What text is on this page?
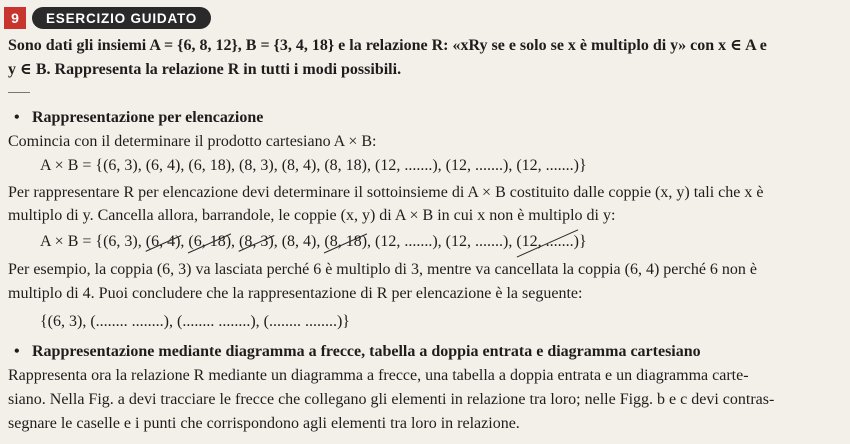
9	ESERCIZIO GUIDATO
Sono dati gli insiemi A = {6, 8, 12}, B = {3, 4, 18} e la relazione R: «xRy se e solo se x è multiplo di y» con x ∈ A e
y ∈ B. Rappresenta la relazione R in tutti i modi possibili.
• Rappresentazione per elencazione
Comincia con il determinare il prodotto cartesiano A × B:
A × B = {(6, 3), (6, 4), (6, 18), (8, 3), (8, 4), (8, 18), (12, .......), (12, .......), (12, .......)}
Per rappresentare R per elencazione devi determinare il sottoinsieme di A × B costituito dalle coppie (x, y) tali che x è
multiplo di y. Cancella allora, barrandole, le coppie (x, y) di A × B in cui x non è multiplo di y:
A × B = {(6, 3), (6, 4), (6, 18), (8, 3), (8, 4), (8, 18), (12, .......), (12, .......), (12, .......)}
Per esempio, la coppia (6, 3) va lasciata perché 6 è multiplo di 3, mentre va cancellata la coppia (6, 4) perché 6 non è
multiplo di 4. Puoi concludere che la rappresentazione di R per elencazione è la seguente:
{(6, 3), (........ ........), (........ ........), (........ ........)}
• Rappresentazione mediante diagramma a frecce, tabella a doppia entrata e diagramma cartesiano
Rappresenta ora la relazione R mediante un diagramma a frecce, una tabella a doppia entrata e un diagramma carte-
siano. Nella Fig. a devi tracciare le frecce che collegano gli elementi in relazione tra loro; nelle Figg. b e c devi contras-
segnare le caselle e i punti che corrispondono agli elementi tra loro in relazione.
